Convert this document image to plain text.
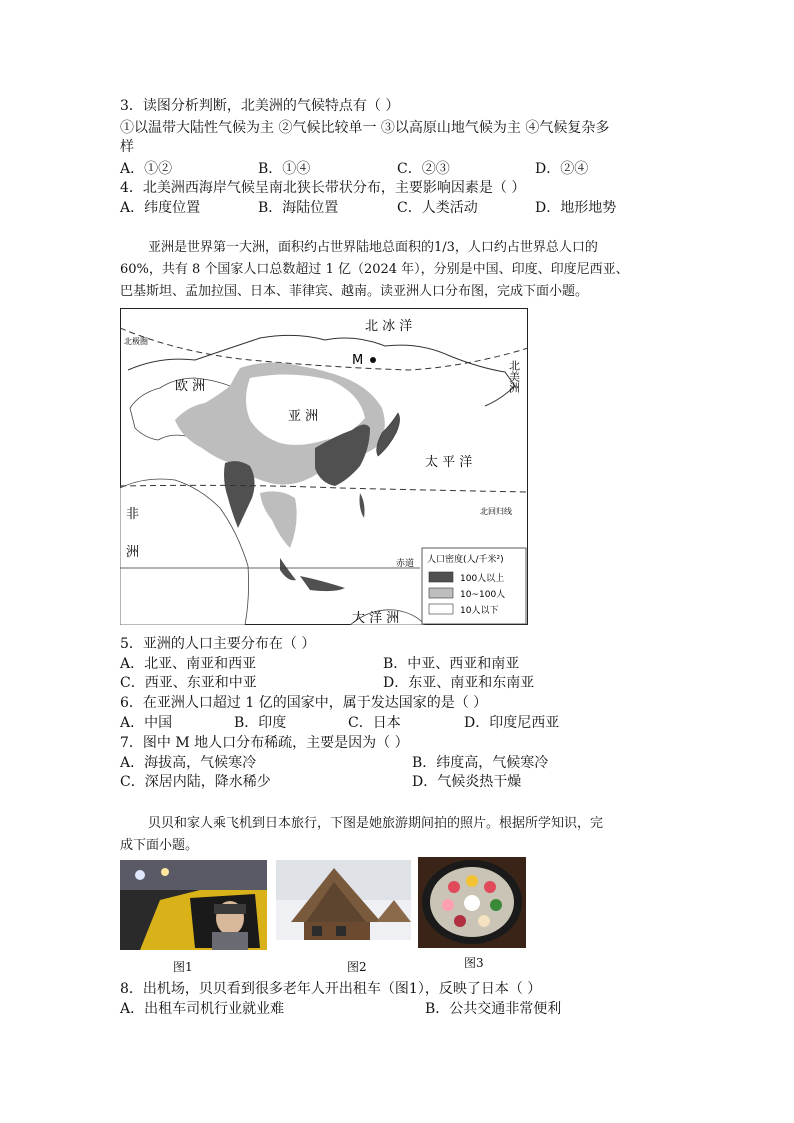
3．读图分析判断，北美洲的气候特点有（ ）
①以温带大陆性气候为主 ②气候比较单一 ③以高原山地气候为主 ④气候复杂多
样
A．①②	B．①④	C．②③	D．②④
4．北美洲西海岸气候呈南北狭长带状分布，主要影响因素是（ ）
A．纬度位置	B．海陆位置	C．人类活动	D．地形地势
亚洲是世界第一大洲，面积约占世界陆地总面积的1/3，人口约占世界总人口的
60%，共有 8 个国家人口总数超过 1 亿（2024 年），分别是中国、印度、印度尼西亚、
巴基斯坦、孟加拉国、日本、菲律宾、越南。读亚洲人口分布图，完成下面小题。
北 冰 洋
北极圈
M
欧 洲
亚 洲
太 平 洋
北回归线
赤道
非
洲
大 洋 洲
北美洲
人口密度(人/千米²)
100人以上
10~100人
10人以下
5．亚洲的人口主要分布在（ ）
A．北亚、南亚和西亚	B．中亚、西亚和南亚
C．西亚、东亚和中亚	D．东亚、南亚和东南亚
6．在亚洲人口超过 1 亿的国家中，属于发达国家的是（ ）
A．中国	B．印度	C．日本	D．印度尼西亚
7．图中 M 地人口分布稀疏，主要是因为（ ）
A．海拔高，气候寒冷	B．纬度高，气候寒冷
C．深居内陆，降水稀少	D．气候炎热干燥
贝贝和家人乘飞机到日本旅行，下图是她旅游期间拍的照片。根据所学知识，完
成下面小题。
图1	图2	图3
8．出机场，贝贝看到很多老年人开出租车（图1），反映了日本（ ）
A．出租车司机行业就业难	B．公共交通非常便利
